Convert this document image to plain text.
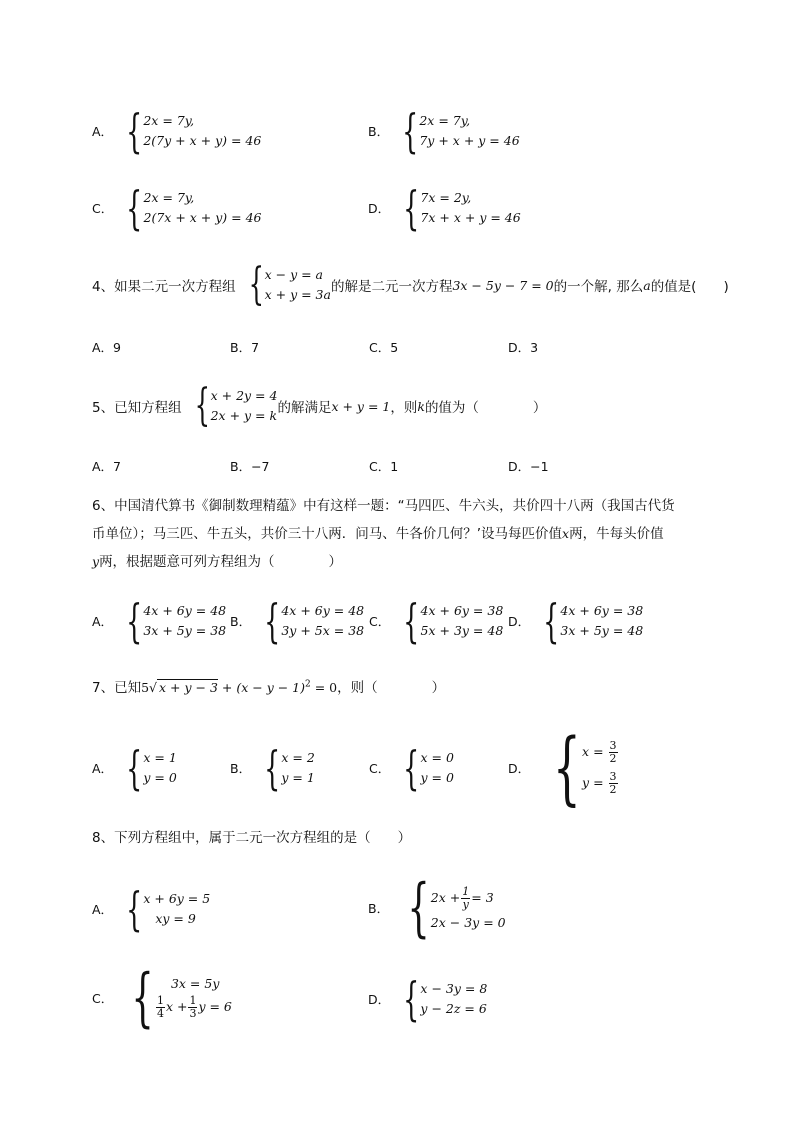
A． { 2x = 7y,
2(7y + x + y) = 46
B． { 2x = 7y,
7y + x + y = 46
C． { 2x = 7y,
2(7x + x + y) = 46
D． { 7x = 2y,
7x + x + y = 46
4、如果二元一次方程组 { x − y = a
x + y = 3a 的解是二元一次方程 3x − 5y − 7 = 0 的一个解, 那么 a 的值是(　　)
A．9	B．7	C．5	D．3
5、已知方程组 { x + 2y = 4
2x + y = k 的解满足 x + y = 1 ，则 k 的值为（　　　　）
A．7	B．−7	C．1	D．−1
6、中国清代算书《御制数理精蕴》中有这样一题：“马四匹、牛六头，共价四十八两（我国古代货
币单位）；马三匹、牛五头，共价三十八两．问马、牛各价几何？’设马每匹价值x两，牛每头价值
y两，根据题意可列方程组为（　　　　）
A． { 4x + 6y = 48
3x + 5y = 38
B． { 4x + 6y = 48
3y + 5x = 38
C． { 4x + 6y = 38
5x + 3y = 48
D． { 4x + 6y = 38
3x + 5y = 48
7、已知5√ $x + y - 3 + (x - y - 1)^2 = 0$，则（　　　　）
A． { x = 1
y = 0
B． { x = 2
y = 1
C． { x = 0
y = 0
D． { $x = \frac{3}{2}$
$y = \frac{3}{2}$
8、下列方程组中，属于二元一次方程组的是（　　）
A． { x + 6y = 5
xy = 9
B． { $2x + \frac{1}{y} = 3$
2x − 3y = 0
C． {	3x = 5y
$\frac{1}{4}$ $x + \frac{1}{3}$ y = 6	D． { x − 3y = 8
y − 2z = 6
